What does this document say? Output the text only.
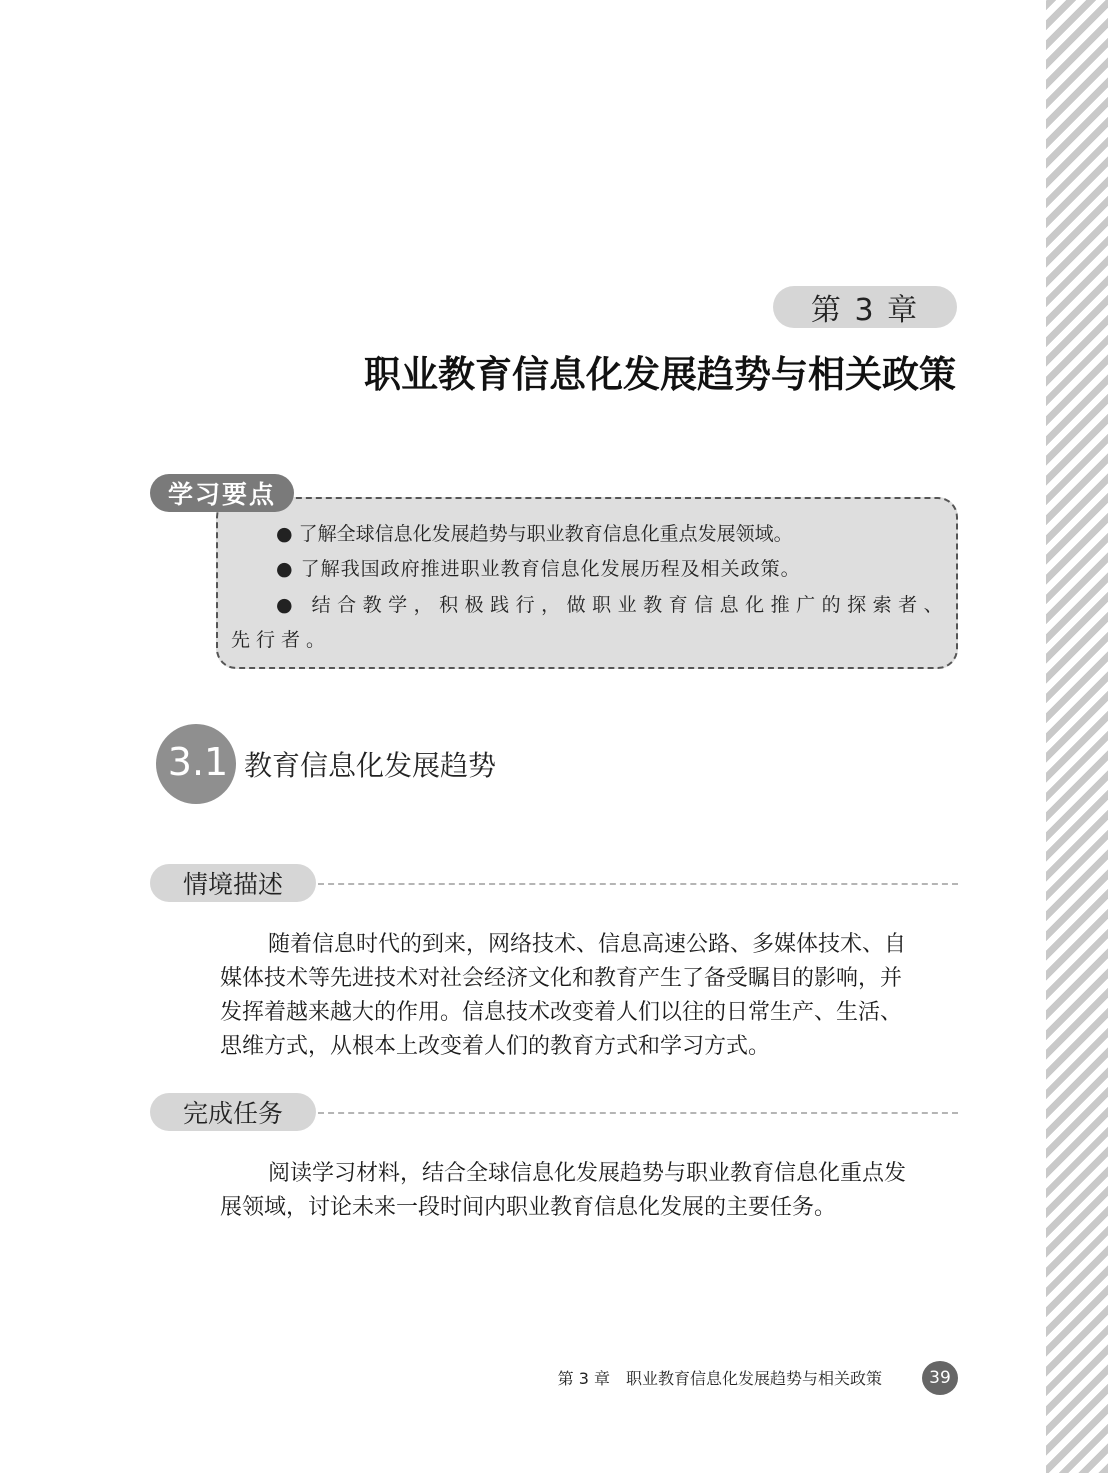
第 3 章
职业教育信息化发展趋势与相关政策
学习要点
● 了解全球信息化发展趋势与职业教育信息化重点发展领域。
● 了解我国政府推进职业教育信息化发展历程及相关政策。
● 结合教学，积极践行，做职业教育信息化推广的探索者、
先行者。
3.1 教育信息化发展趋势
情境描述
随着信息时代的到来，网络技术、信息高速公路、多媒体技术、自
媒体技术等先进技术对社会经济文化和教育产生了备受瞩目的影响，并
发挥着越来越大的作用。信息技术改变着人们以往的日常生产、生活、
思维方式，从根本上改变着人们的教育方式和学习方式。
完成任务
阅读学习材料，结合全球信息化发展趋势与职业教育信息化重点发
展领域，讨论未来一段时间内职业教育信息化发展的主要任务。
第 3 章　职业教育信息化发展趋势与相关政策	39
